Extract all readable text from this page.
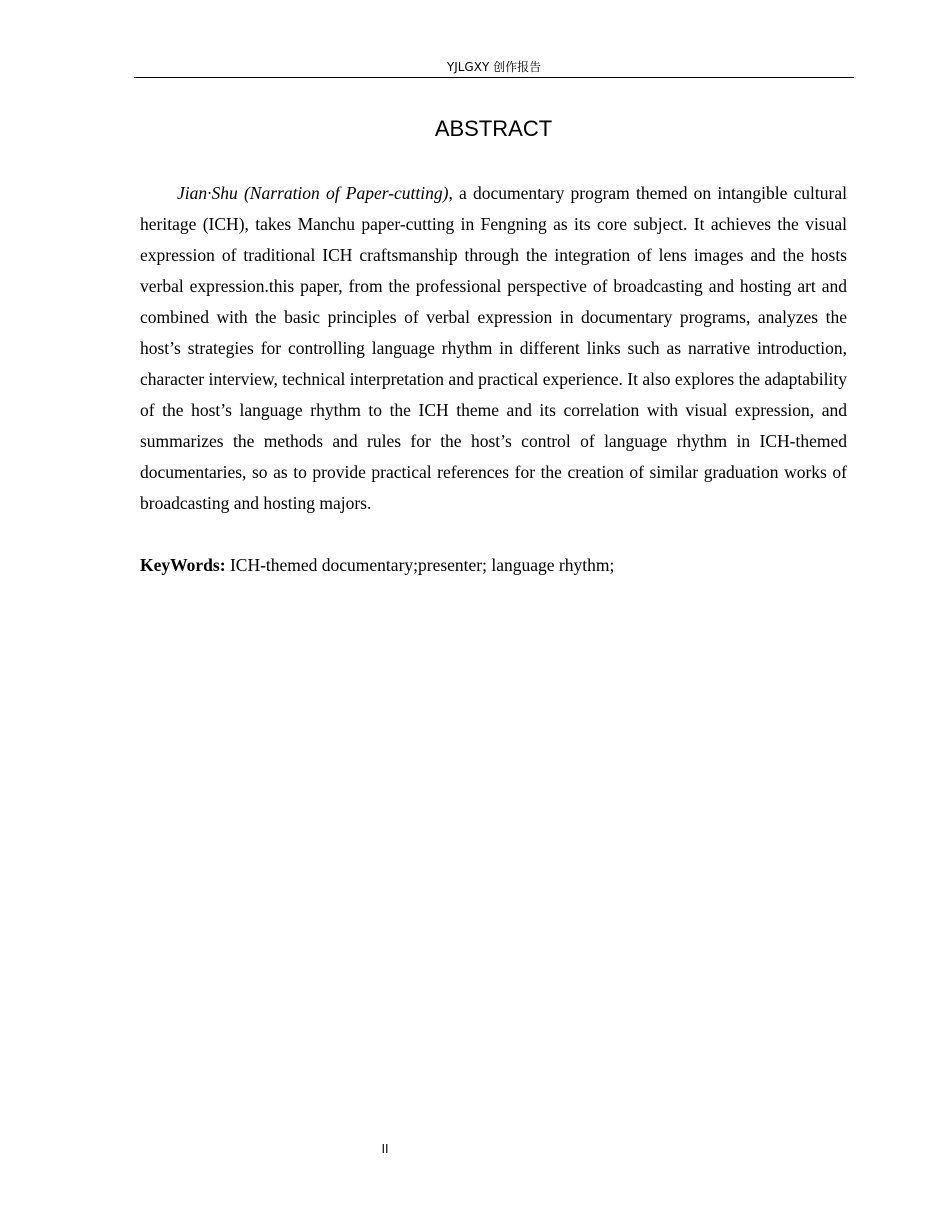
YJLGXY 创作报告
ABSTRACT

Jian·Shu (Narration of Paper-cutting), a documentary program themed on intangible cultural heritage (ICH), takes Manchu paper-cutting in Fengning as its core subject. It achieves the visual expression of traditional ICH craftsmanship through the integration of lens images and the hosts verbal expression.this paper, from the professional perspective of broadcasting and hosting art and combined with the basic principles of verbal expression in documentary programs, analyzes the host’s strategies for controlling language rhythm in different links such as narrative introduction, character interview, technical interpretation and practical experience. It also explores the adaptability of the host’s language rhythm to the ICH theme and its correlation with visual expression, and summarizes the methods and rules for the host’s control of language rhythm in ICH-themed documentaries, so as to provide practical references for the creation of similar graduation works of broadcasting and hosting majors.

KeyWords: ICH-themed documentary;presenter; language rhythm;

II
